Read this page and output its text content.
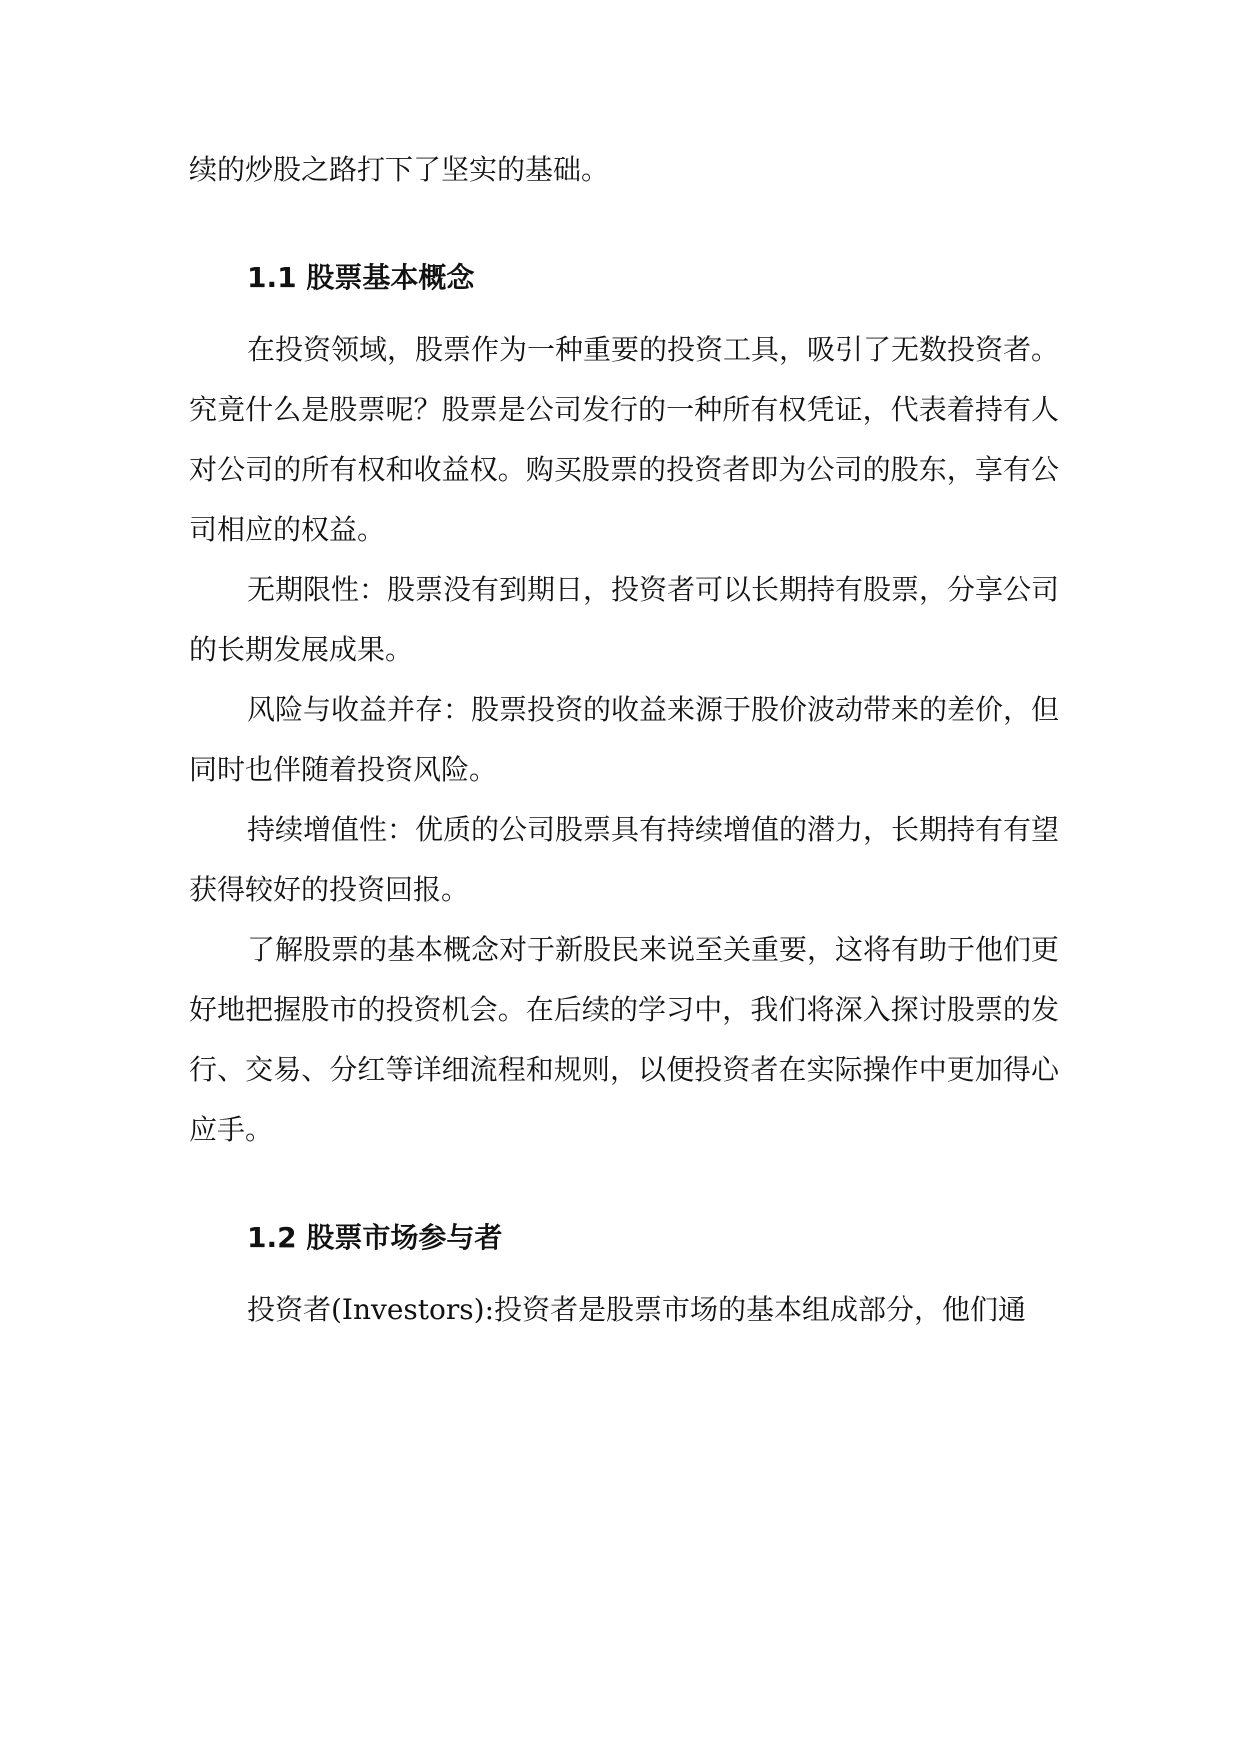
续的炒股之路打下了坚实的基础。

1.1 股票基本概念

在投资领域，股票作为一种重要的投资工具，吸引了无数投资者。究竟什么是股票呢？股票是公司发行的一种所有权凭证，代表着持有人对公司的所有权和收益权。购买股票的投资者即为公司的股东，享有公司相应的权益。

无期限性：股票没有到期日，投资者可以长期持有股票，分享公司的长期发展成果。

风险与收益并存：股票投资的收益来源于股价波动带来的差价，但同时也伴随着投资风险。

持续增值性：优质的公司股票具有持续增值的潜力，长期持有有望获得较好的投资回报。

了解股票的基本概念对于新股民来说至关重要，这将有助于他们更好地把握股市的投资机会。在后续的学习中，我们将深入探讨股票的发行、交易、分红等详细流程和规则，以便投资者在实际操作中更加得心应手。

1.2 股票市场参与者

投资者(Investors):投资者是股票市场的基本组成部分，他们通
